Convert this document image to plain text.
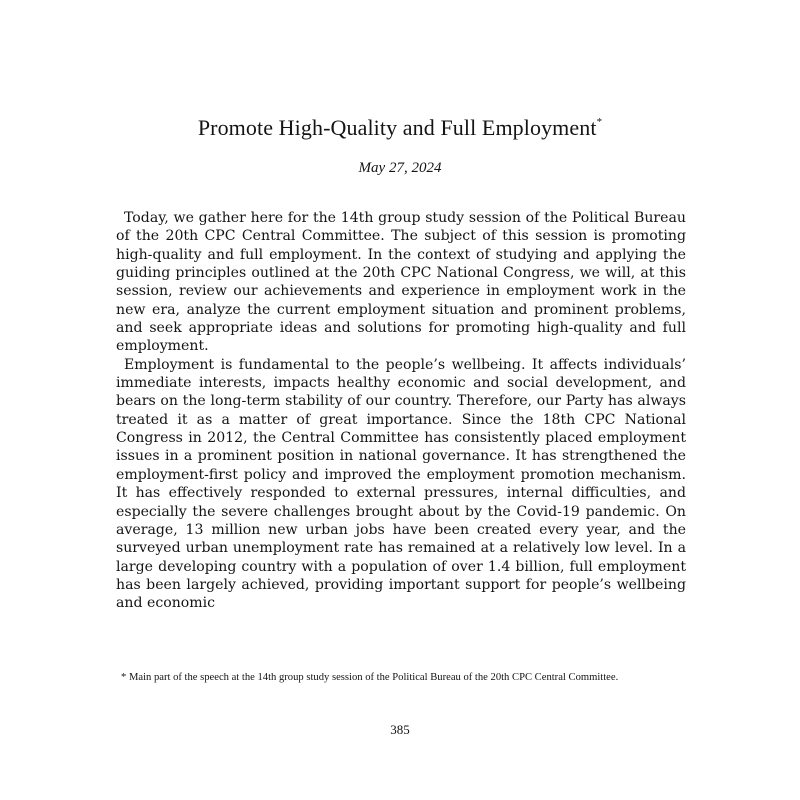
Promote High-Quality and Full Employment*

May 27, 2024

Today, we gather here for the 14th group study session of the Political Bureau of the 20th CPC Central Committee. The subject of this session is promoting high-quality and full employment. In the context of studying and applying the guiding principles outlined at the 20th CPC National Congress, we will, at this session, review our achievements and experience in employment work in the new era, analyze the current employment situation and prominent problems, and seek appropriate ideas and solutions for promoting high-quality and full employment.

Employment is fundamental to the people’s wellbeing. It affects individuals’ immediate interests, impacts healthy economic and social development, and bears on the long-term stability of our country. Therefore, our Party has always treated it as a matter of great importance. Since the 18th CPC National Congress in 2012, the Central Committee has consistently placed employment issues in a prominent position in national governance. It has strengthened the employment-first policy and improved the employment promotion mechanism. It has effectively responded to external pressures, internal difficulties, and especially the severe challenges brought about by the Covid-19 pandemic. On average, 13 million new urban jobs have been created every year, and the surveyed urban unemployment rate has remained at a relatively low level. In a large developing country with a population of over 1.4 billion, full employment has been largely achieved, providing important support for people’s wellbeing and economic

* Main part of the speech at the 14th group study session of the Political Bureau of the 20th CPC Central Committee.

385
